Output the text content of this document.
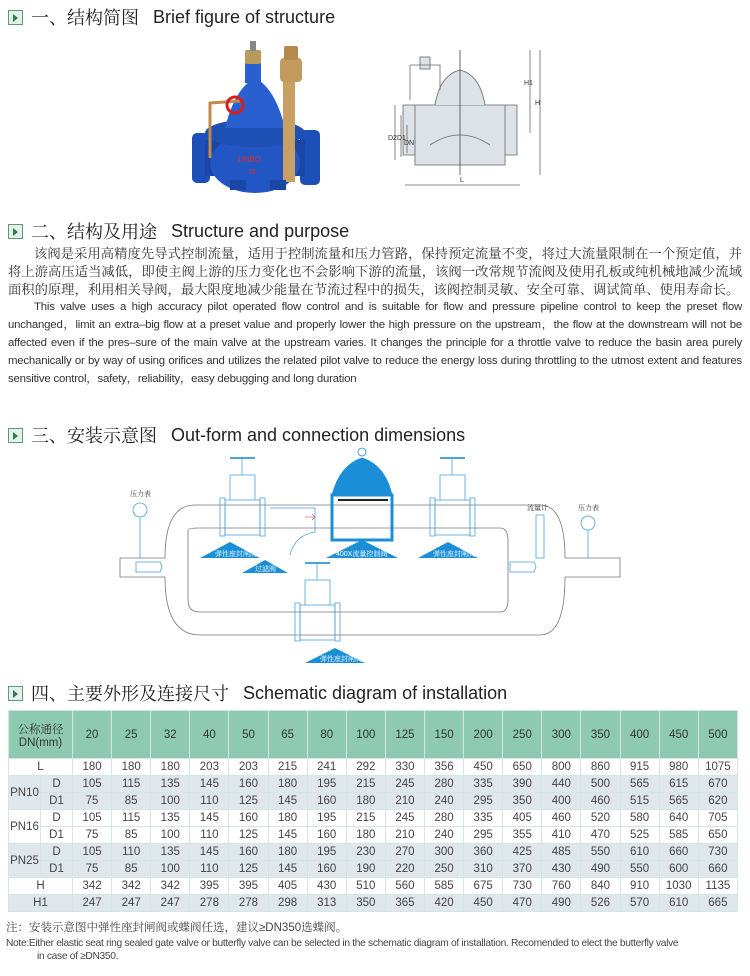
一、结构简图 Brief figure of structure
DNBO
16
L
H
H1
D2 D1
DN
二、结构及用途 Structure and purpose

该阀是采用高精度先导式控制流量，适用于控制流量和压力管路，保持预定流量不变，将过大流量限制在一个预定值，并将上游高压适当减低，即使主阀上游的压力变化也不会影响下游的流量，该阀一改常规节流阀及使用孔板或纯机械地减少流域面积的原理，利用相关导阀，最大限度地减少能量在节流过程中的损失，该阀控制灵敏、安全可靠、调试简单、使用寿命长。

This valve uses a high accuracy pilot operated flow control and is suitable for flow and pressure pipeline control to keep the preset flow unchanged，limit an extra–big flow at a preset value and properly lower the high pressure on the upstream，the flow at the downstream will not be affected even if the pres–sure of the main valve at the upstream varies. It changes the principle for a throttle valve to reduce the basin area purely mechanically or by way of using orifices and utilizes the related pilot valve to reduce the energy loss during throttling to the utmost extent and features sensitive control，safety，reliability，easy debugging and long duration

三、安装示意图 Out-form and connection dimensions
弹性座封闸阀
过滤阀
400X流量控制阀	弹性座封闸阀
弹性座封闸阀
压力表
流量计	压力表
四、主要外形及连接尺寸 Schematic diagram of installation
公称通径
DN(mm)		20	25	32	40	50	65	80	100	125	150	200	250	300	350	400	450	500
L		180	180	180	203	203	215	241	292	330	356	450	650	800	860	915	980	1075
PN10	D	105	115	135	145	160	180	195	215	245	280	335	390	440	500	565	615	670
	D1	75	85	100	110	125	145	160	180	210	240	295	350	400	460	515	565	620
PN16	D	105	115	135	145	160	180	195	215	245	280	335	405	460	520	580	640	705
	D1	75	85	100	110	125	145	160	180	210	240	295	355	410	470	525	585	650
PN25	D	105	110	135	145	160	180	195	230	270	300	360	425	485	550	610	660	730
	D1	75	85	100	110	125	145	160	190	220	250	310	370	430	490	550	600	660
H		342	342	342	395	395	405	430	510	560	585	675	730	760	840	910	1030	1135
H1		247	247	247	278	278	298	313	350	365	420	450	470	490	526	570	610	665
注：安装示意图中弹性座封闸阀或蝶阀任选，建议≥DN350选蝶阀。
Note:Either elastic seat ring sealed gate valve or butterfly valve can be selected in the schematic diagram of installation. Recomended to elect the butterfly valve
in case of ≥DN350.
